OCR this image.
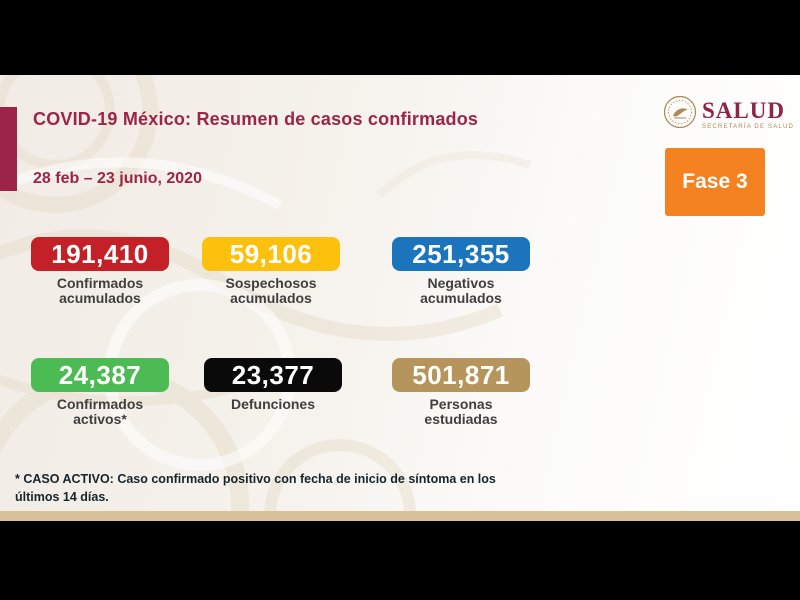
COVID-19 México: Resumen de casos confirmados
28 feb – 23 junio, 2020
SALUD
SECRETARÍA DE SALUD
Fase 3
191,410
Confirmados acumulados
59,106
Sospechosos acumulados
251,355
Negativos acumulados
24,387
Confirmados activos*
23,377
Defunciones
501,871
Personas estudiadas
* CASO ACTIVO: Caso confirmado positivo con fecha de inicio de síntoma en los últimos 14 días.
